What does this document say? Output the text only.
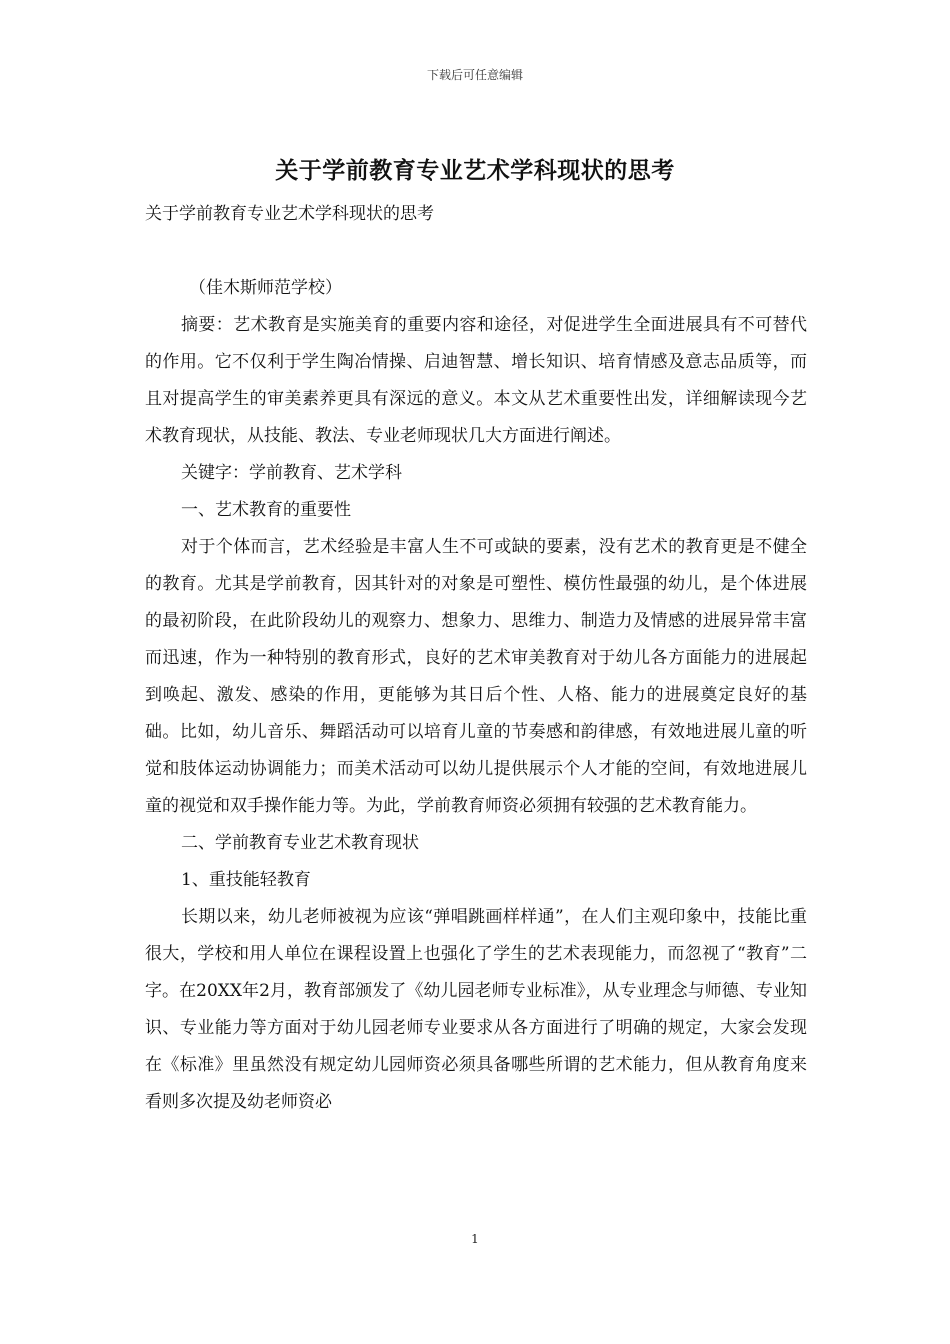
下载后可任意编辑
关于学前教育专业艺术学科现状的思考

关于学前教育专业艺术学科现状的思考

（佳木斯师范学校）

摘要：艺术教育是实施美育的重要内容和途径，对促进学生全面进展具有不可替代的作用。它不仅利于学生陶冶情操、启迪智慧、增长知识、培育情感及意志品质等，而且对提高学生的审美素养更具有深远的意义。本文从艺术重要性出发，详细解读现今艺术教育现状，从技能、教法、专业老师现状几大方面进行阐述。

关键字：学前教育、艺术学科

一、艺术教育的重要性

对于个体而言，艺术经验是丰富人生不可或缺的要素，没有艺术的教育更是不健全的教育。尤其是学前教育，因其针对的对象是可塑性、模仿性最强的幼儿，是个体进展的最初阶段，在此阶段幼儿的观察力、想象力、思维力、制造力及情感的进展异常丰富而迅速，作为一种特别的教育形式，良好的艺术审美教育对于幼儿各方面能力的进展起到唤起、激发、感染的作用，更能够为其日后个性、人格、能力的进展奠定良好的基础。比如，幼儿音乐、舞蹈活动可以培育儿童的节奏感和韵律感，有效地进展儿童的听觉和肢体运动协调能力；而美术活动可以幼儿提供展示个人才能的空间，有效地进展儿童的视觉和双手操作能力等。为此，学前教育师资必须拥有较强的艺术教育能力。

二、学前教育专业艺术教育现状

1、重技能轻教育

长期以来，幼儿老师被视为应该“弹唱跳画样样通”，在人们主观印象中，技能比重很大，学校和用人单位在课程设置上也强化了学生的艺术表现能力，而忽视了“教育”二字。在20XX年2月，教育部颁发了《幼儿园老师专业标准》，从专业理念与师德、专业知识、专业能力等方面对于幼儿园老师专业要求从各方面进行了明确的规定，大家会发现在《标准》里虽然没有规定幼儿园师资必须具备哪些所谓的艺术能力，但从教育角度来看则多次提及幼老师资必

1
